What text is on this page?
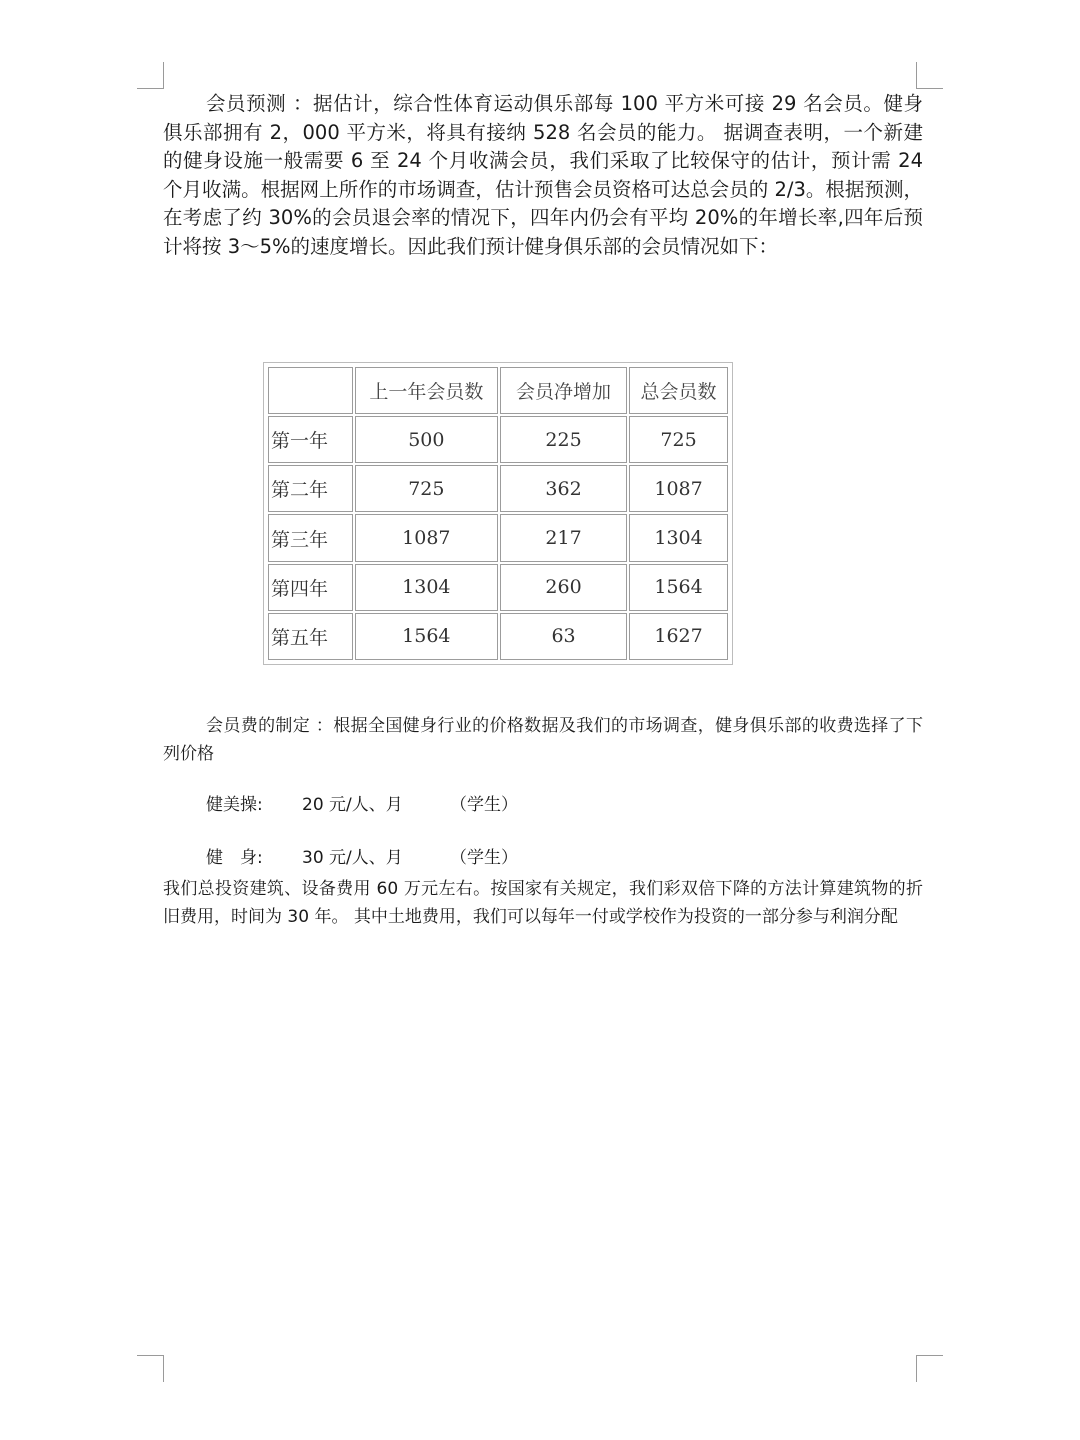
会员预测 ：据估计，综合性体育运动俱乐部每 100 平方米可接 29 名会员。健身俱乐部拥有 2，000 平方米，将具有接纳 528 名会员的能力。 据调查表明，一个新建的健身设施一般需要 6 至 24 个月收满会员，我们采取了比较保守的估计，预计需 24 个月收满。根据网上所作的市场调查，估计预售会员资格可达总会员的 2/3。根据预测，在考虑了约 30%的会员退会率的情况下，四年内仍会有平均 20%的年增长率,四年后预计将按 3～5%的速度增长。因此我们预计健身俱乐部的会员情况如下：

	上一年会员数	会员净增加	总会员数
第一年	500	225	725
第二年	725	362	1087
第三年	1087	217	1304
第四年	1304	260	1564
第五年	1564	63	1627

会员费的制定 ：根据全国健身行业的价格数据及我们的市场调查，健身俱乐部的收费选择了下列价格

健美操: 20 元/人、月	（学生）
健　身: 30 元/人、月	（学生）

我们总投资建筑、设备费用 60 万元左右。按国家有关规定，我们彩双倍下降的方法计算建筑物的折旧费用，时间为 30 年。 其中土地费用，我们可以每年一付或学校作为投资的一部分参与利润分配
